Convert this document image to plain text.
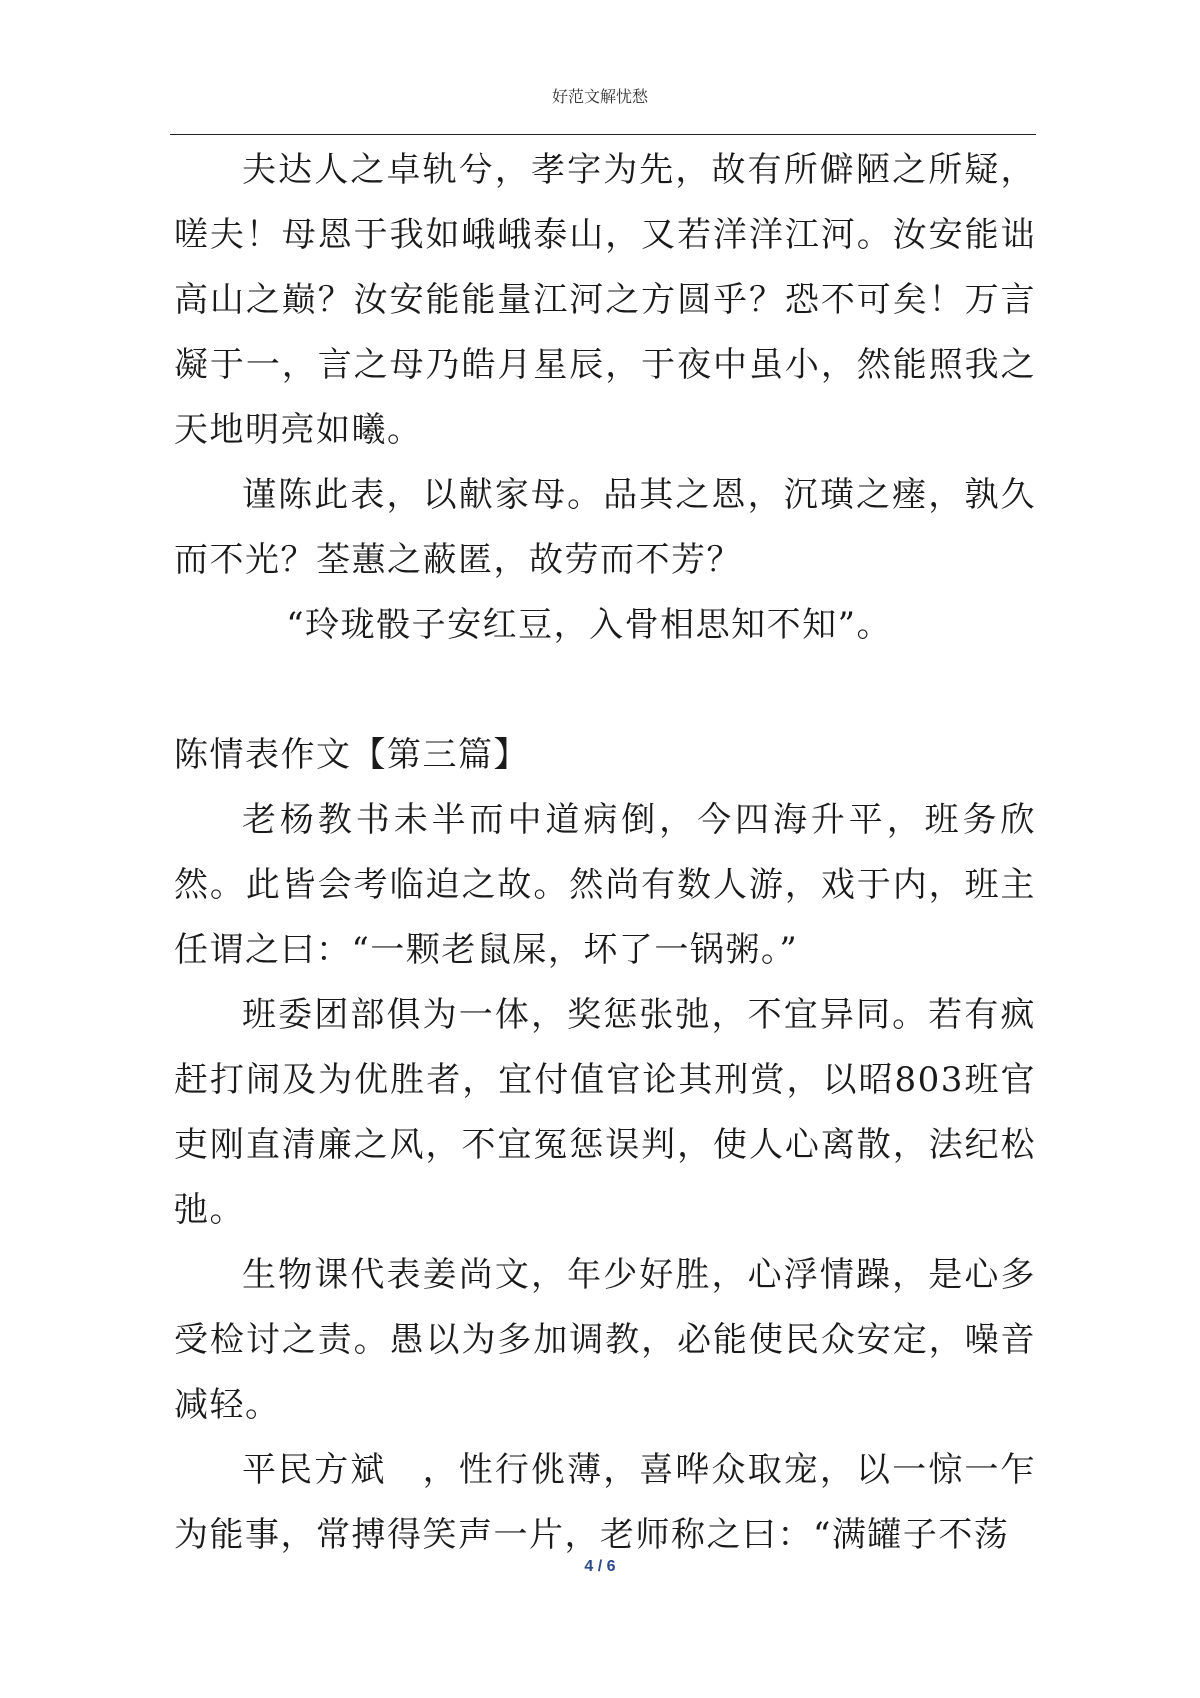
好范文解忧愁

夫达人之卓轨兮，孝字为先，故有所僻陋之所疑，嗟夫！母恩于我如峨峨泰山，又若洋洋江河。汝安能诎高山之巅？汝安能能量江河之方圆乎？恐不可矣！万言凝于一，言之母乃皓月星辰，于夜中虽小，然能照我之天地明亮如曦。

谨陈此表，以献家母。品其之恩，沉璜之瘗，孰久而不光？荃蕙之蔽匿，故劳而不芳？

“玲珑骰子安红豆，入骨相思知不知”。

陈情表作文【第三篇】

老杨教书未半而中道病倒，今四海升平，班务欣然。此皆会考临迫之故。然尚有数人游，戏于内，班主任谓之曰：“一颗老鼠屎，坏了一锅粥。”

班委团部俱为一体，奖惩张弛，不宜异同。若有疯赶打闹及为优胜者，宜付值官论其刑赏，以昭803班官吏刚直清廉之风，不宜冤惩误判，使人心离散，法纪松弛。

生物课代表姜尚文，年少好胜，心浮情躁，是心多受检讨之责。愚以为多加调教，必能使民众安定，噪音减轻。

平民方斌　，性行佻薄，喜哗众取宠，以一惊一乍为能事，常搏得笑声一片，老师称之曰：“满罐子不荡

4 / 6
